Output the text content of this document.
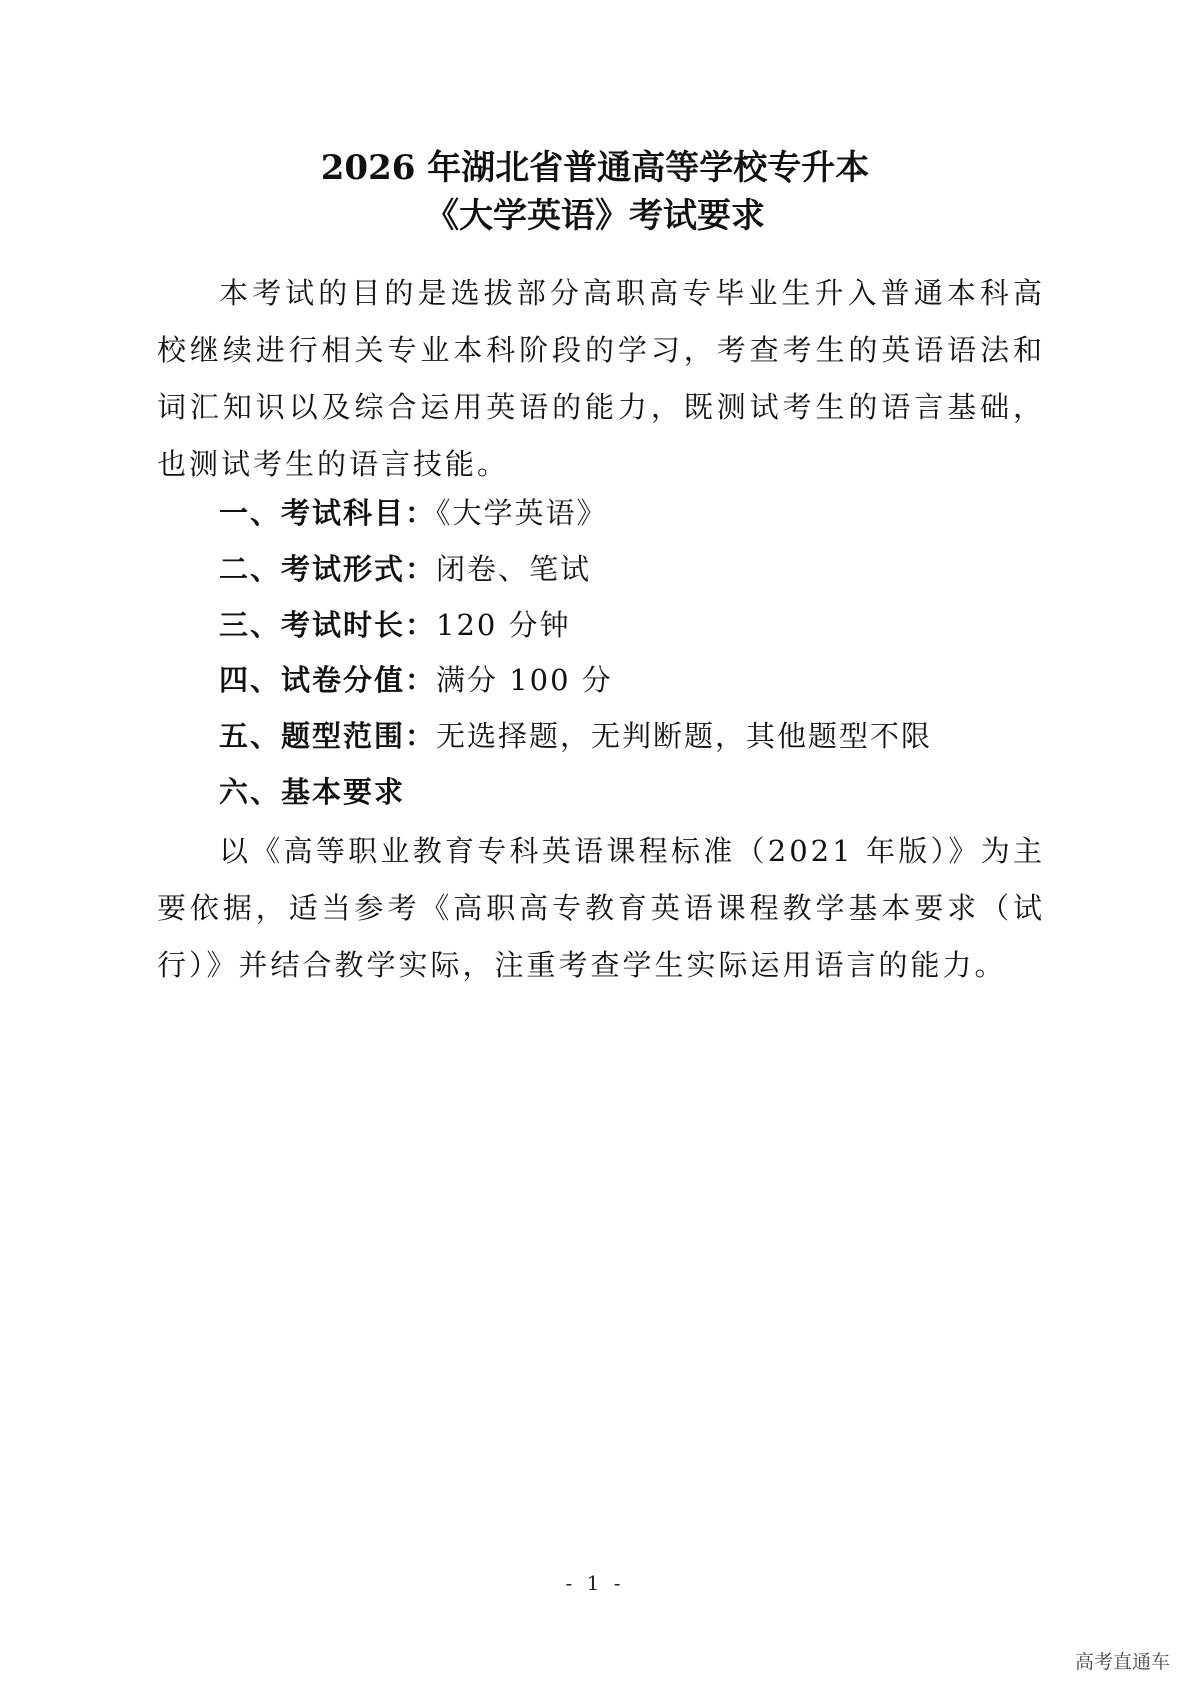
2026 年湖北省普通高等学校专升本
《大学英语》考试要求

本考试的目的是选拔部分高职高专毕业生升入普通本科高校继续进行相关专业本科阶段的学习，考查考生的英语语法和词汇知识以及综合运用英语的能力，既测试考生的语言基础，也测试考生的语言技能。

一、考试科目：《大学英语》
二、考试形式：闭卷、笔试
三、考试时长：120 分钟
四、试卷分值：满分 100 分
五、题型范围：无选择题，无判断题，其他题型不限
六、基本要求

以《高等职业教育专科英语课程标准（2021 年版）》为主要依据，适当参考《高职高专教育英语课程教学基本要求（试行）》并结合教学实际，注重考查学生实际运用语言的能力。

- 1 -
高考直通车
